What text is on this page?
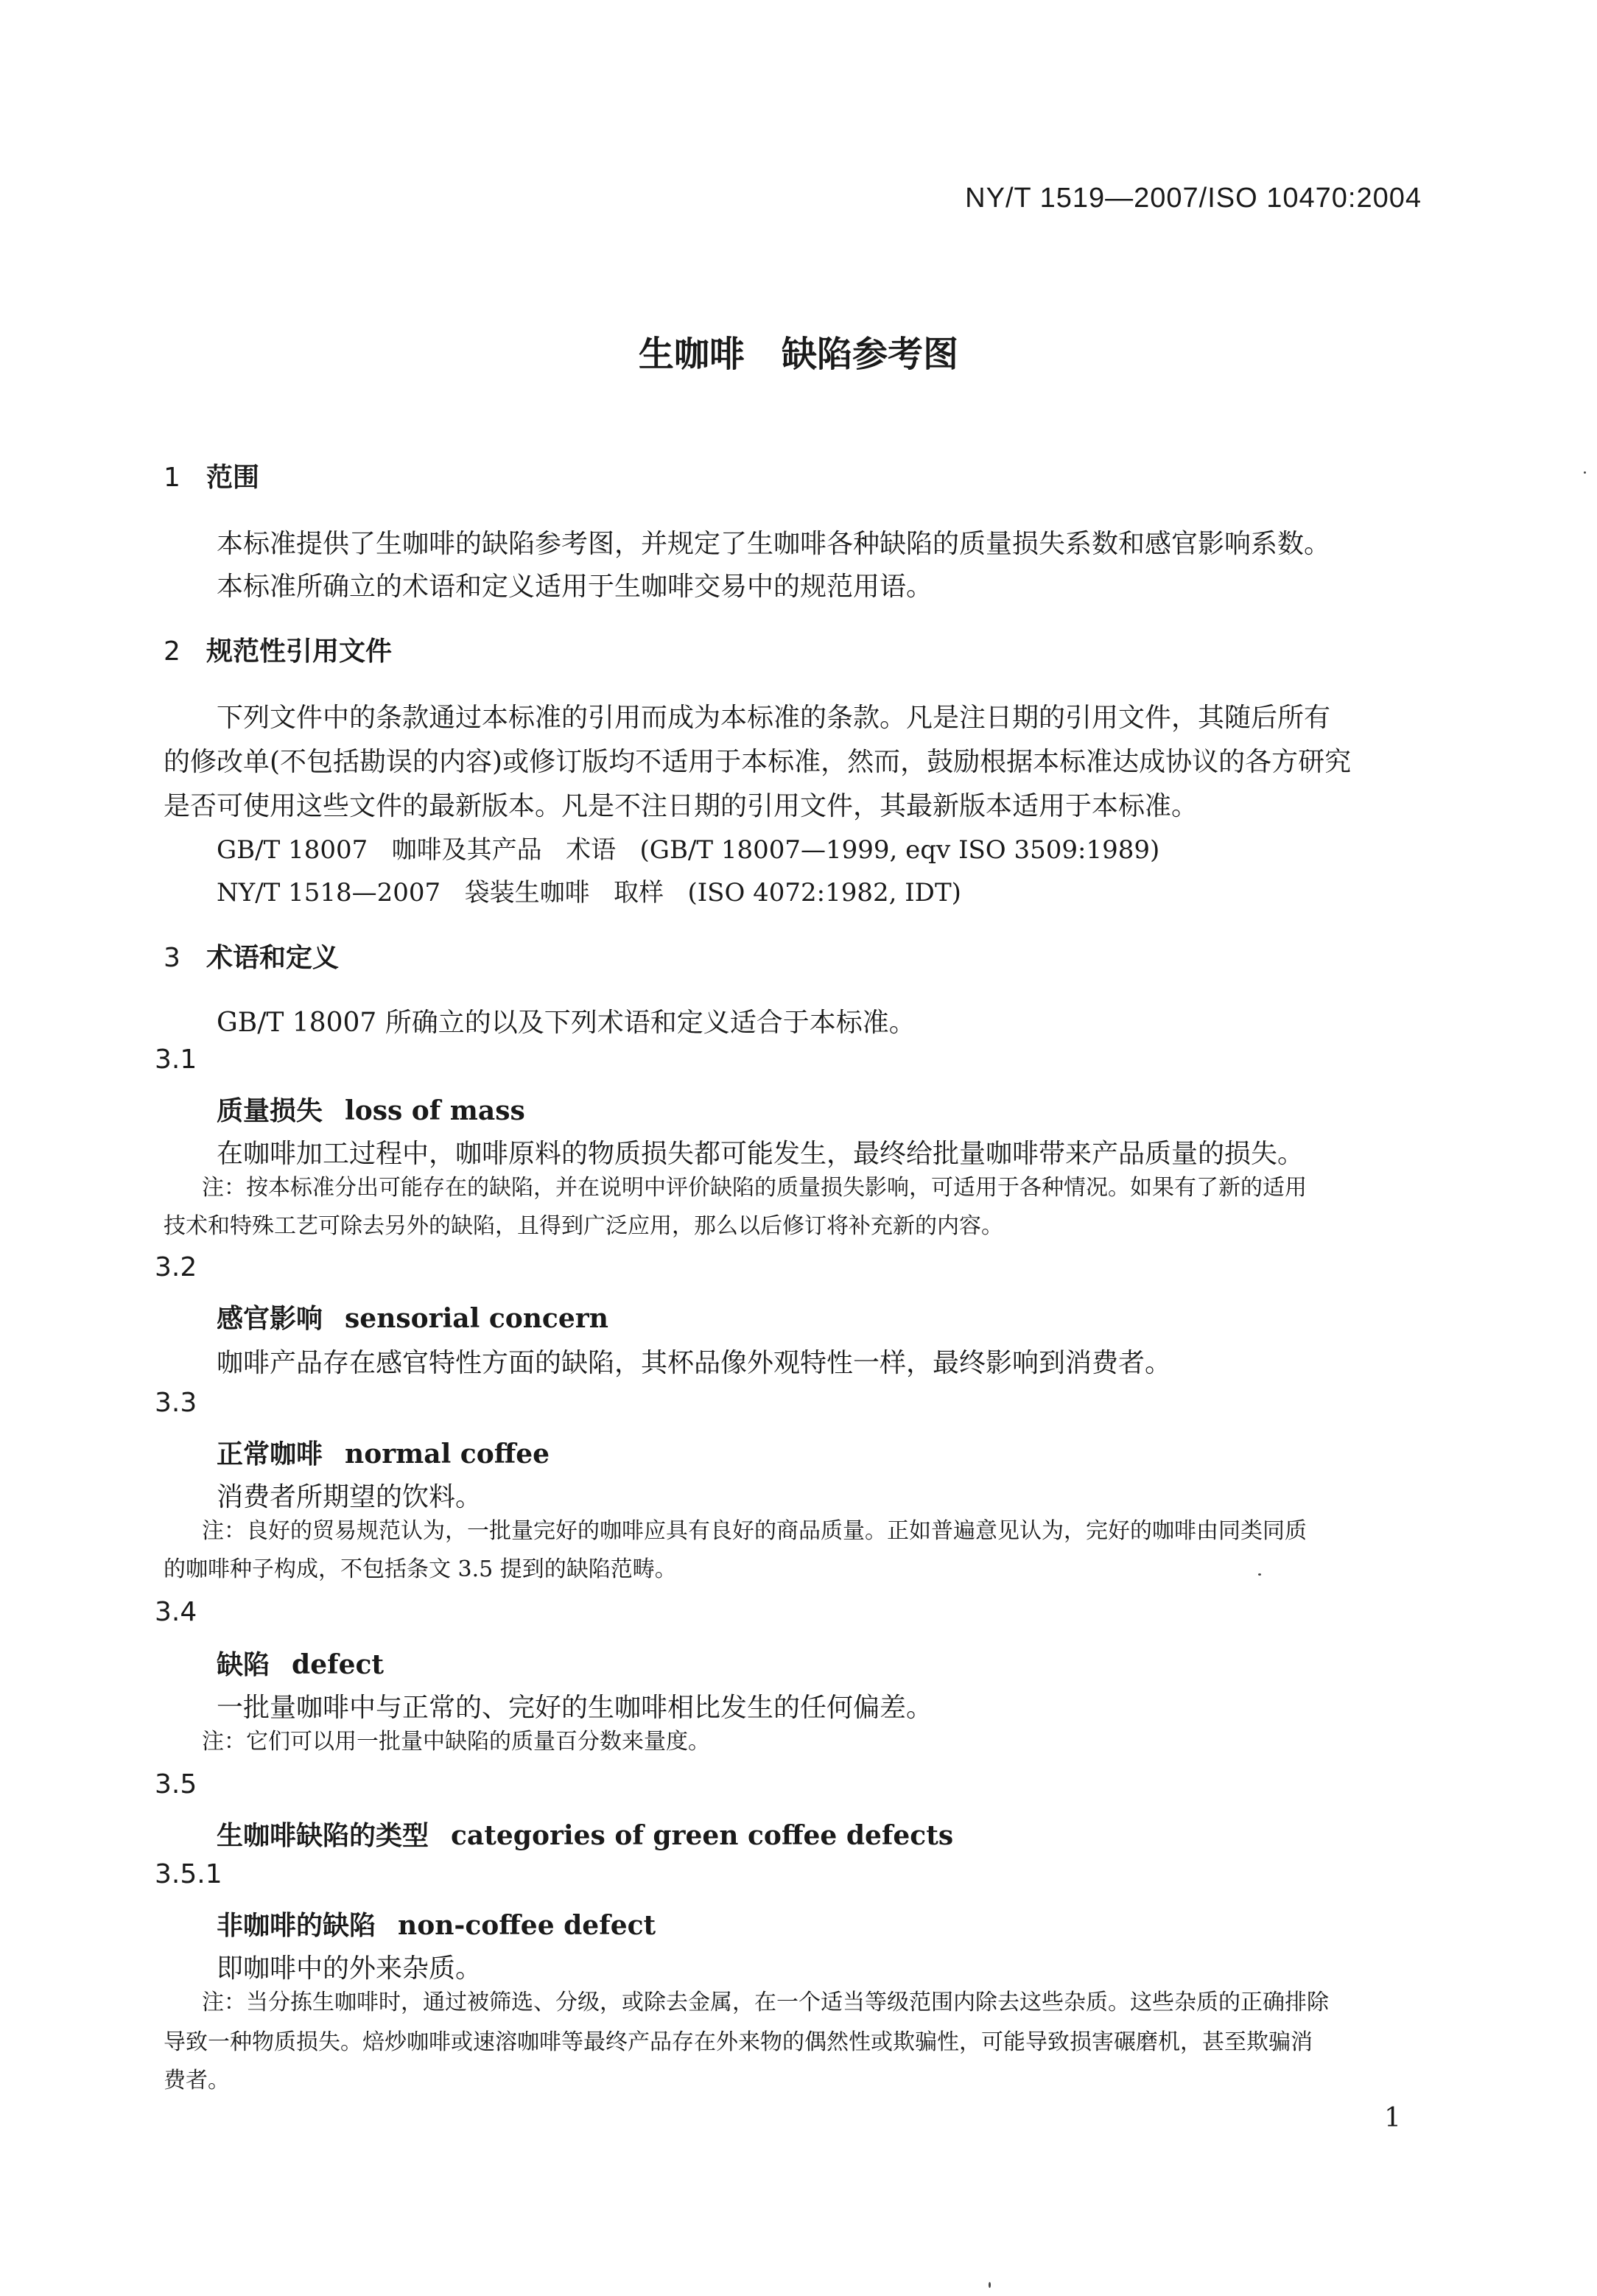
NY/T 1519—2007/ISO 10470:2004
生咖啡   缺陷参考图
1 范围
本标准提供了生咖啡的缺陷参考图，并规定了生咖啡各种缺陷的质量损失系数和感官影响系数。
本标准所确立的术语和定义适用于生咖啡交易中的规范用语。
2 规范性引用文件
下列文件中的条款通过本标准的引用而成为本标准的条款。凡是注日期的引用文件，其随后所有
的修改单(不包括勘误的内容)或修订版均不适用于本标准，然而，鼓励根据本标准达成协议的各方研究
是否可使用这些文件的最新版本。凡是不注日期的引用文件，其最新版本适用于本标准。
GB/T 18007   咖啡及其产品   术语   (GB/T 18007—1999, eqv ISO 3509:1989)
NY/T 1518—2007   袋装生咖啡   取样   (ISO 4072:1982, IDT)
3 术语和定义
GB/T 18007 所确立的以及下列术语和定义适合于本标准。
3.1
质量损失 loss of mass
在咖啡加工过程中，咖啡原料的物质损失都可能发生，最终给批量咖啡带来产品质量的损失。
注：按本标准分出可能存在的缺陷，并在说明中评价缺陷的质量损失影响，可适用于各种情况。如果有了新的适用
技术和特殊工艺可除去另外的缺陷，且得到广泛应用，那么以后修订将补充新的内容。
3.2
感官影响 sensorial concern
咖啡产品存在感官特性方面的缺陷，其杯品像外观特性一样，最终影响到消费者。
3.3
正常咖啡 normal coffee
消费者所期望的饮料。
注：良好的贸易规范认为，一批量完好的咖啡应具有良好的商品质量。正如普遍意见认为，完好的咖啡由同类同质
的咖啡种子构成，不包括条文 3.5 提到的缺陷范畴。
3.4
缺陷 defect
一批量咖啡中与正常的、完好的生咖啡相比发生的任何偏差。
注：它们可以用一批量中缺陷的质量百分数来量度。
3.5
生咖啡缺陷的类型 categories of green coffee defects
3.5.1
非咖啡的缺陷 non-coffee defect
即咖啡中的外来杂质。
注：当分拣生咖啡时，通过被筛选、分级，或除去金属，在一个适当等级范围内除去这些杂质。这些杂质的正确排除
导致一种物质损失。焙炒咖啡或速溶咖啡等最终产品存在外来物的偶然性或欺骗性，可能导致损害碾磨机，甚至欺骗消
费者。
1
